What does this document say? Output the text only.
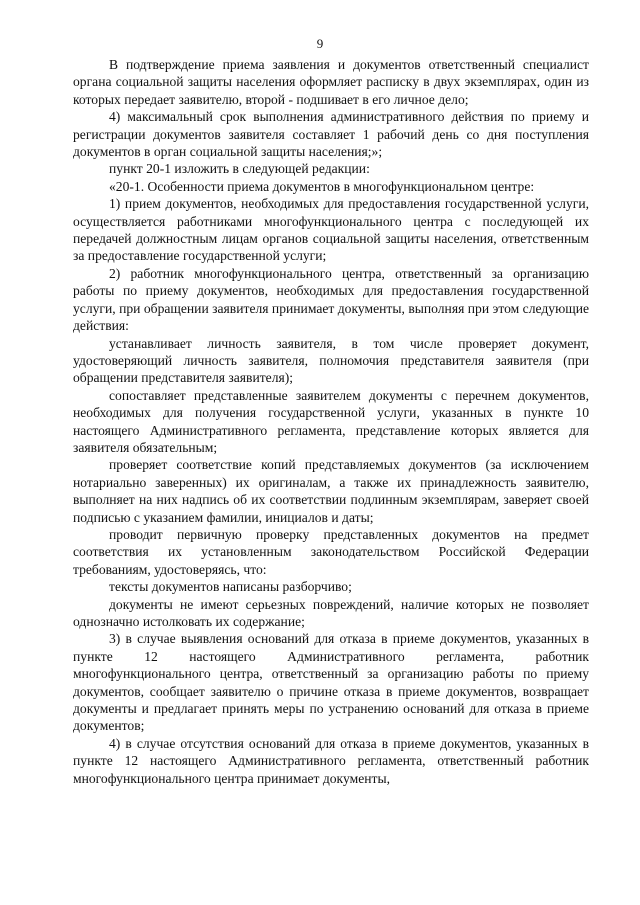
9

В подтверждение приема заявления и документов ответственный специалист органа социальной защиты населения оформляет расписку в двух экземплярах, один из которых передает заявителю, второй - подшивает в его личное дело;

4) максимальный срок выполнения административного действия по приему и регистрации документов заявителя составляет 1 рабочий день со дня поступления документов в орган социальной защиты населения;»;

пункт 20-1 изложить в следующей редакции:

«20-1. Особенности приема документов в многофункциональном центре:

1) прием документов, необходимых для предоставления государственной услуги, осуществляется работниками многофункционального центра с последующей их передачей должностным лицам органов социальной защиты населения, ответственным за предоставление государственной услуги;

2) работник многофункционального центра, ответственный за организацию работы по приему документов, необходимых для предоставления государственной услуги, при обращении заявителя принимает документы, выполняя при этом следующие действия:

устанавливает личность заявителя, в том числе проверяет документ, удостоверяющий личность заявителя, полномочия представителя заявителя (при обращении представителя заявителя);

сопоставляет представленные заявителем документы с перечнем документов, необходимых для получения государственной услуги, указанных в пункте 10 настоящего Административного регламента, представление которых является для заявителя обязательным;

проверяет соответствие копий представляемых документов (за исключением нотариально заверенных) их оригиналам, а также их принадлежность заявителю, выполняет на них надпись об их соответствии подлинным экземплярам, заверяет своей подписью с указанием фамилии, инициалов и даты;

проводит первичную проверку представленных документов на предмет соответствия их установленным законодательством Российской Федерации требованиям, удостоверяясь, что:

тексты документов написаны разборчиво;

документы не имеют серьезных повреждений, наличие которых не позволяет однозначно истолковать их содержание;

3) в случае выявления оснований для отказа в приеме документов, указанных в пункте 12 настоящего Административного регламента, работник многофункционального центра, ответственный за организацию работы по приему документов, сообщает заявителю о причине отказа в приеме документов, возвращает документы и предлагает принять меры по устранению оснований для отказа в приеме документов;

4) в случае отсутствия оснований для отказа в приеме документов, указанных в пункте 12 настоящего Административного регламента, ответственный работник многофункционального центра принимает документы,
